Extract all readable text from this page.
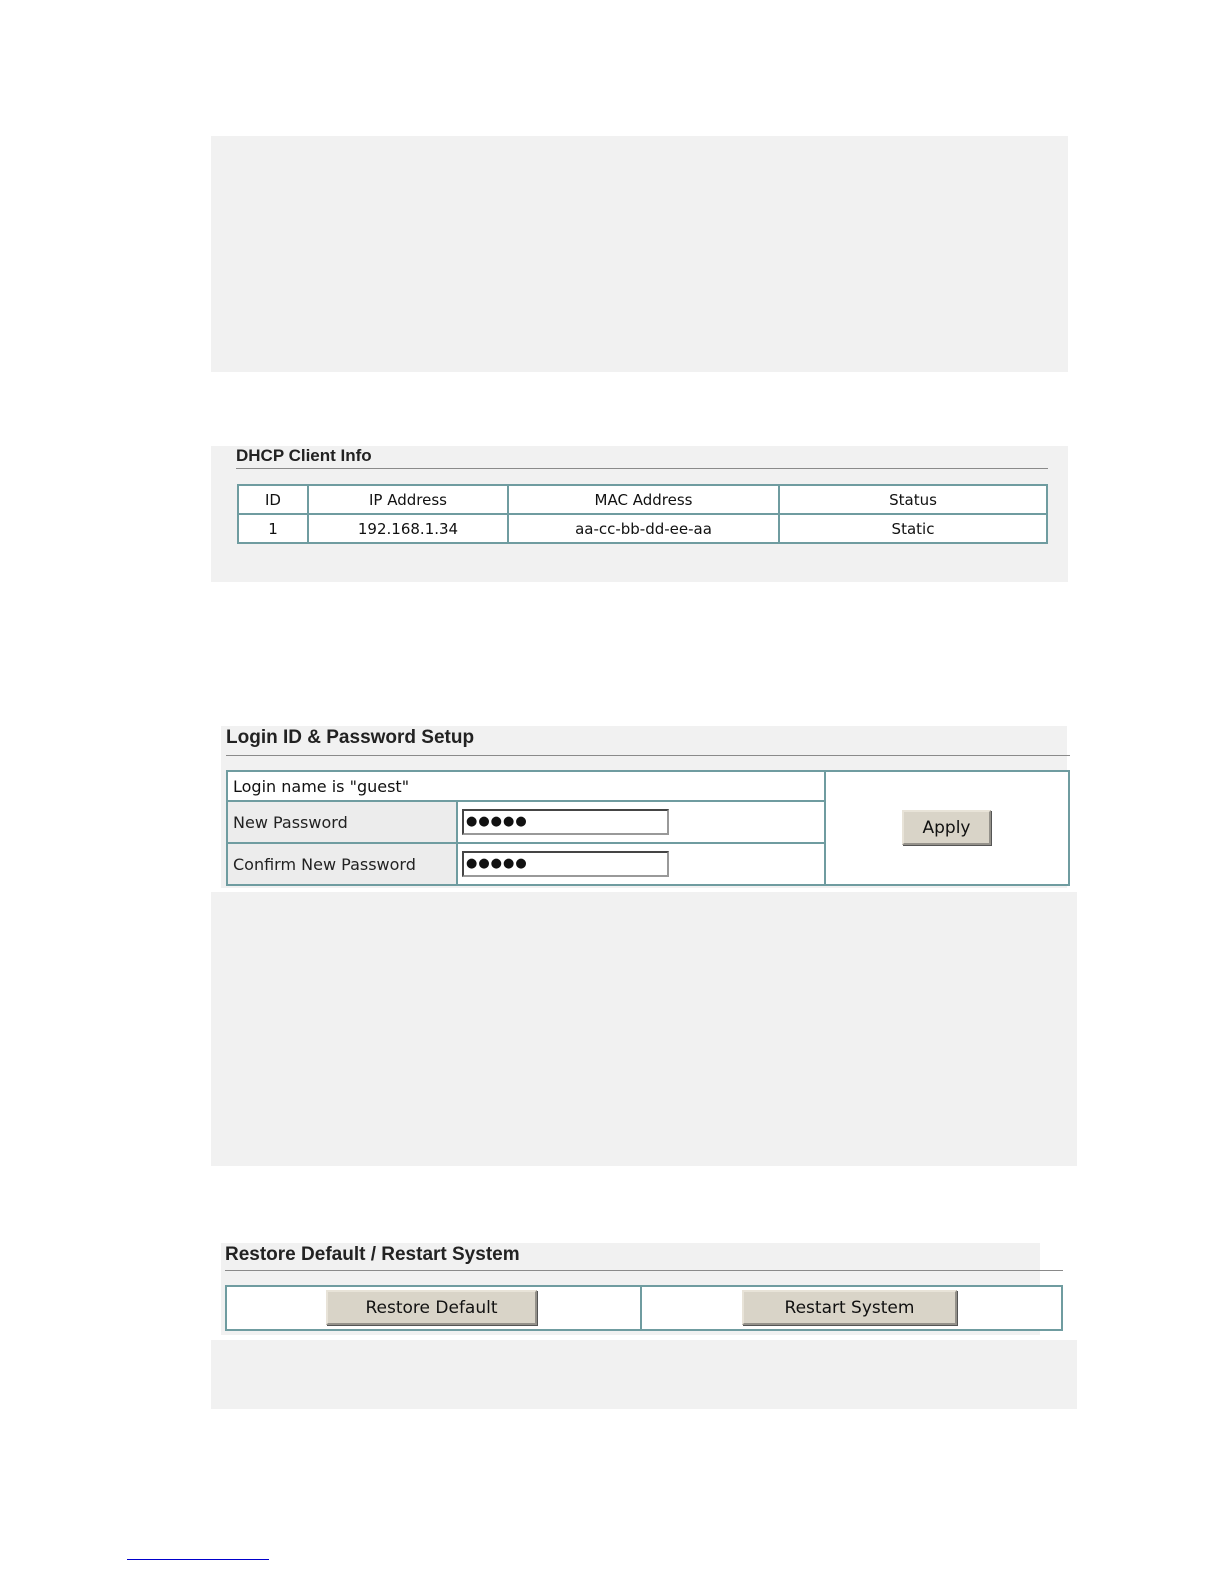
DHCP Client Info
ID	IP Address	MAC Address	Status
1	192.168.1.34	aa-cc-bb-dd-ee-aa	Static
Login ID & Password Setup
Login name is "guest"		
New Password	●●●●●	
Confirm New Password	●●●●●	
Apply
Restore Default / Restart System

Restore Default	Restart System
